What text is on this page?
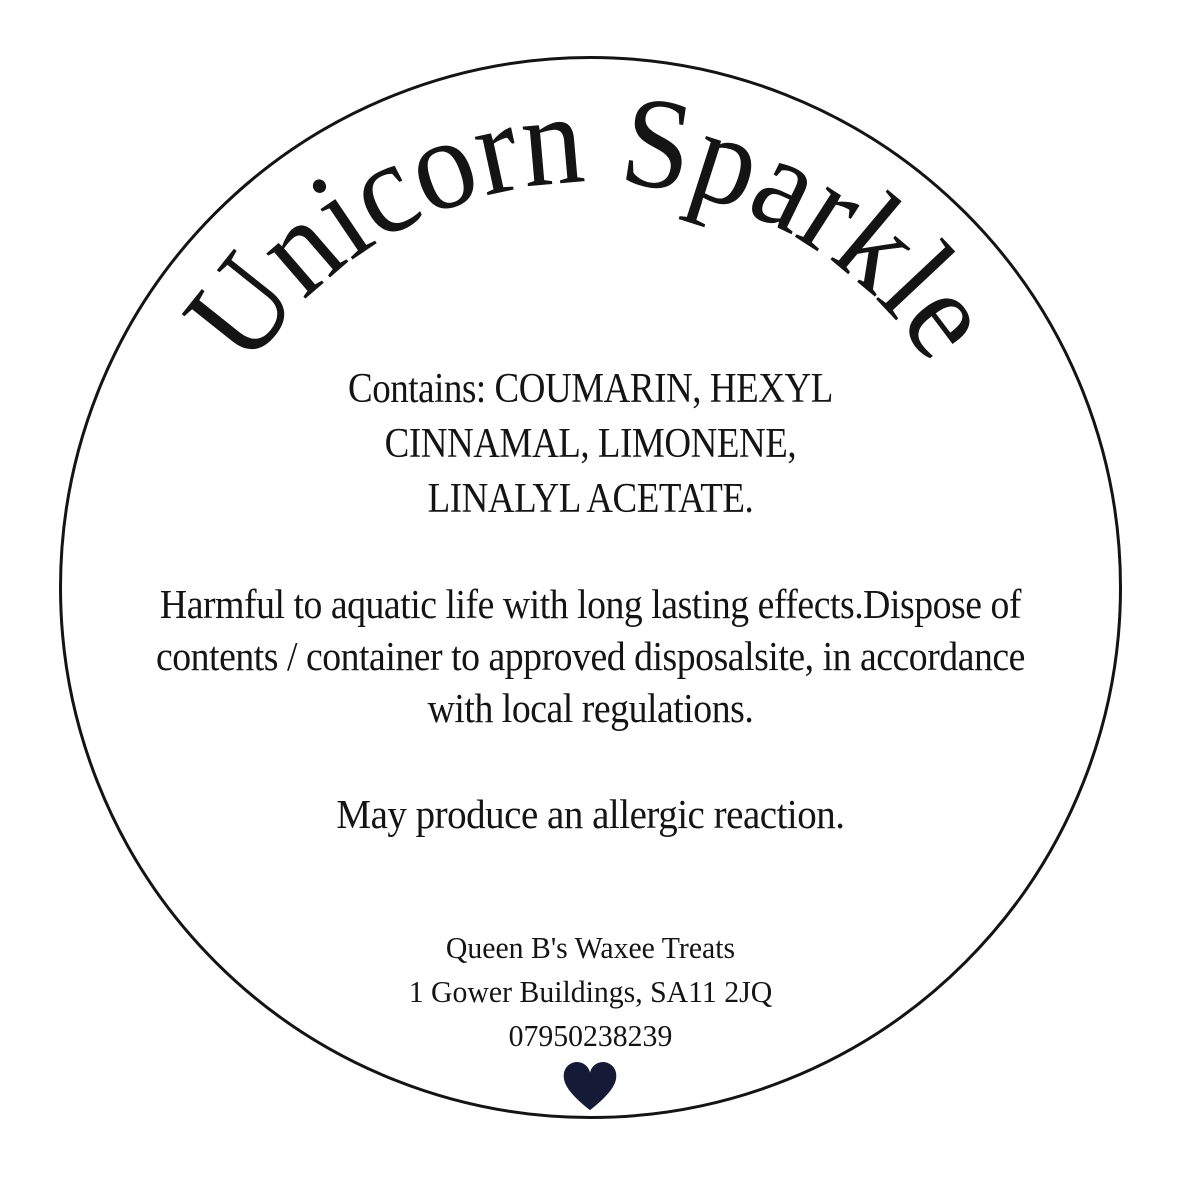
Unicorn Sparkle
Contains: COUMARIN, HEXYL
CINNAMAL, LIMONENE,
LINALYL ACETATE.
Harmful to aquatic life with long lasting effects.Dispose of
contents / container to approved disposalsite, in accordance
with local regulations.
May produce an allergic reaction.
Queen B's Waxee Treats
1 Gower Buildings, SA11 2JQ
07950238239
